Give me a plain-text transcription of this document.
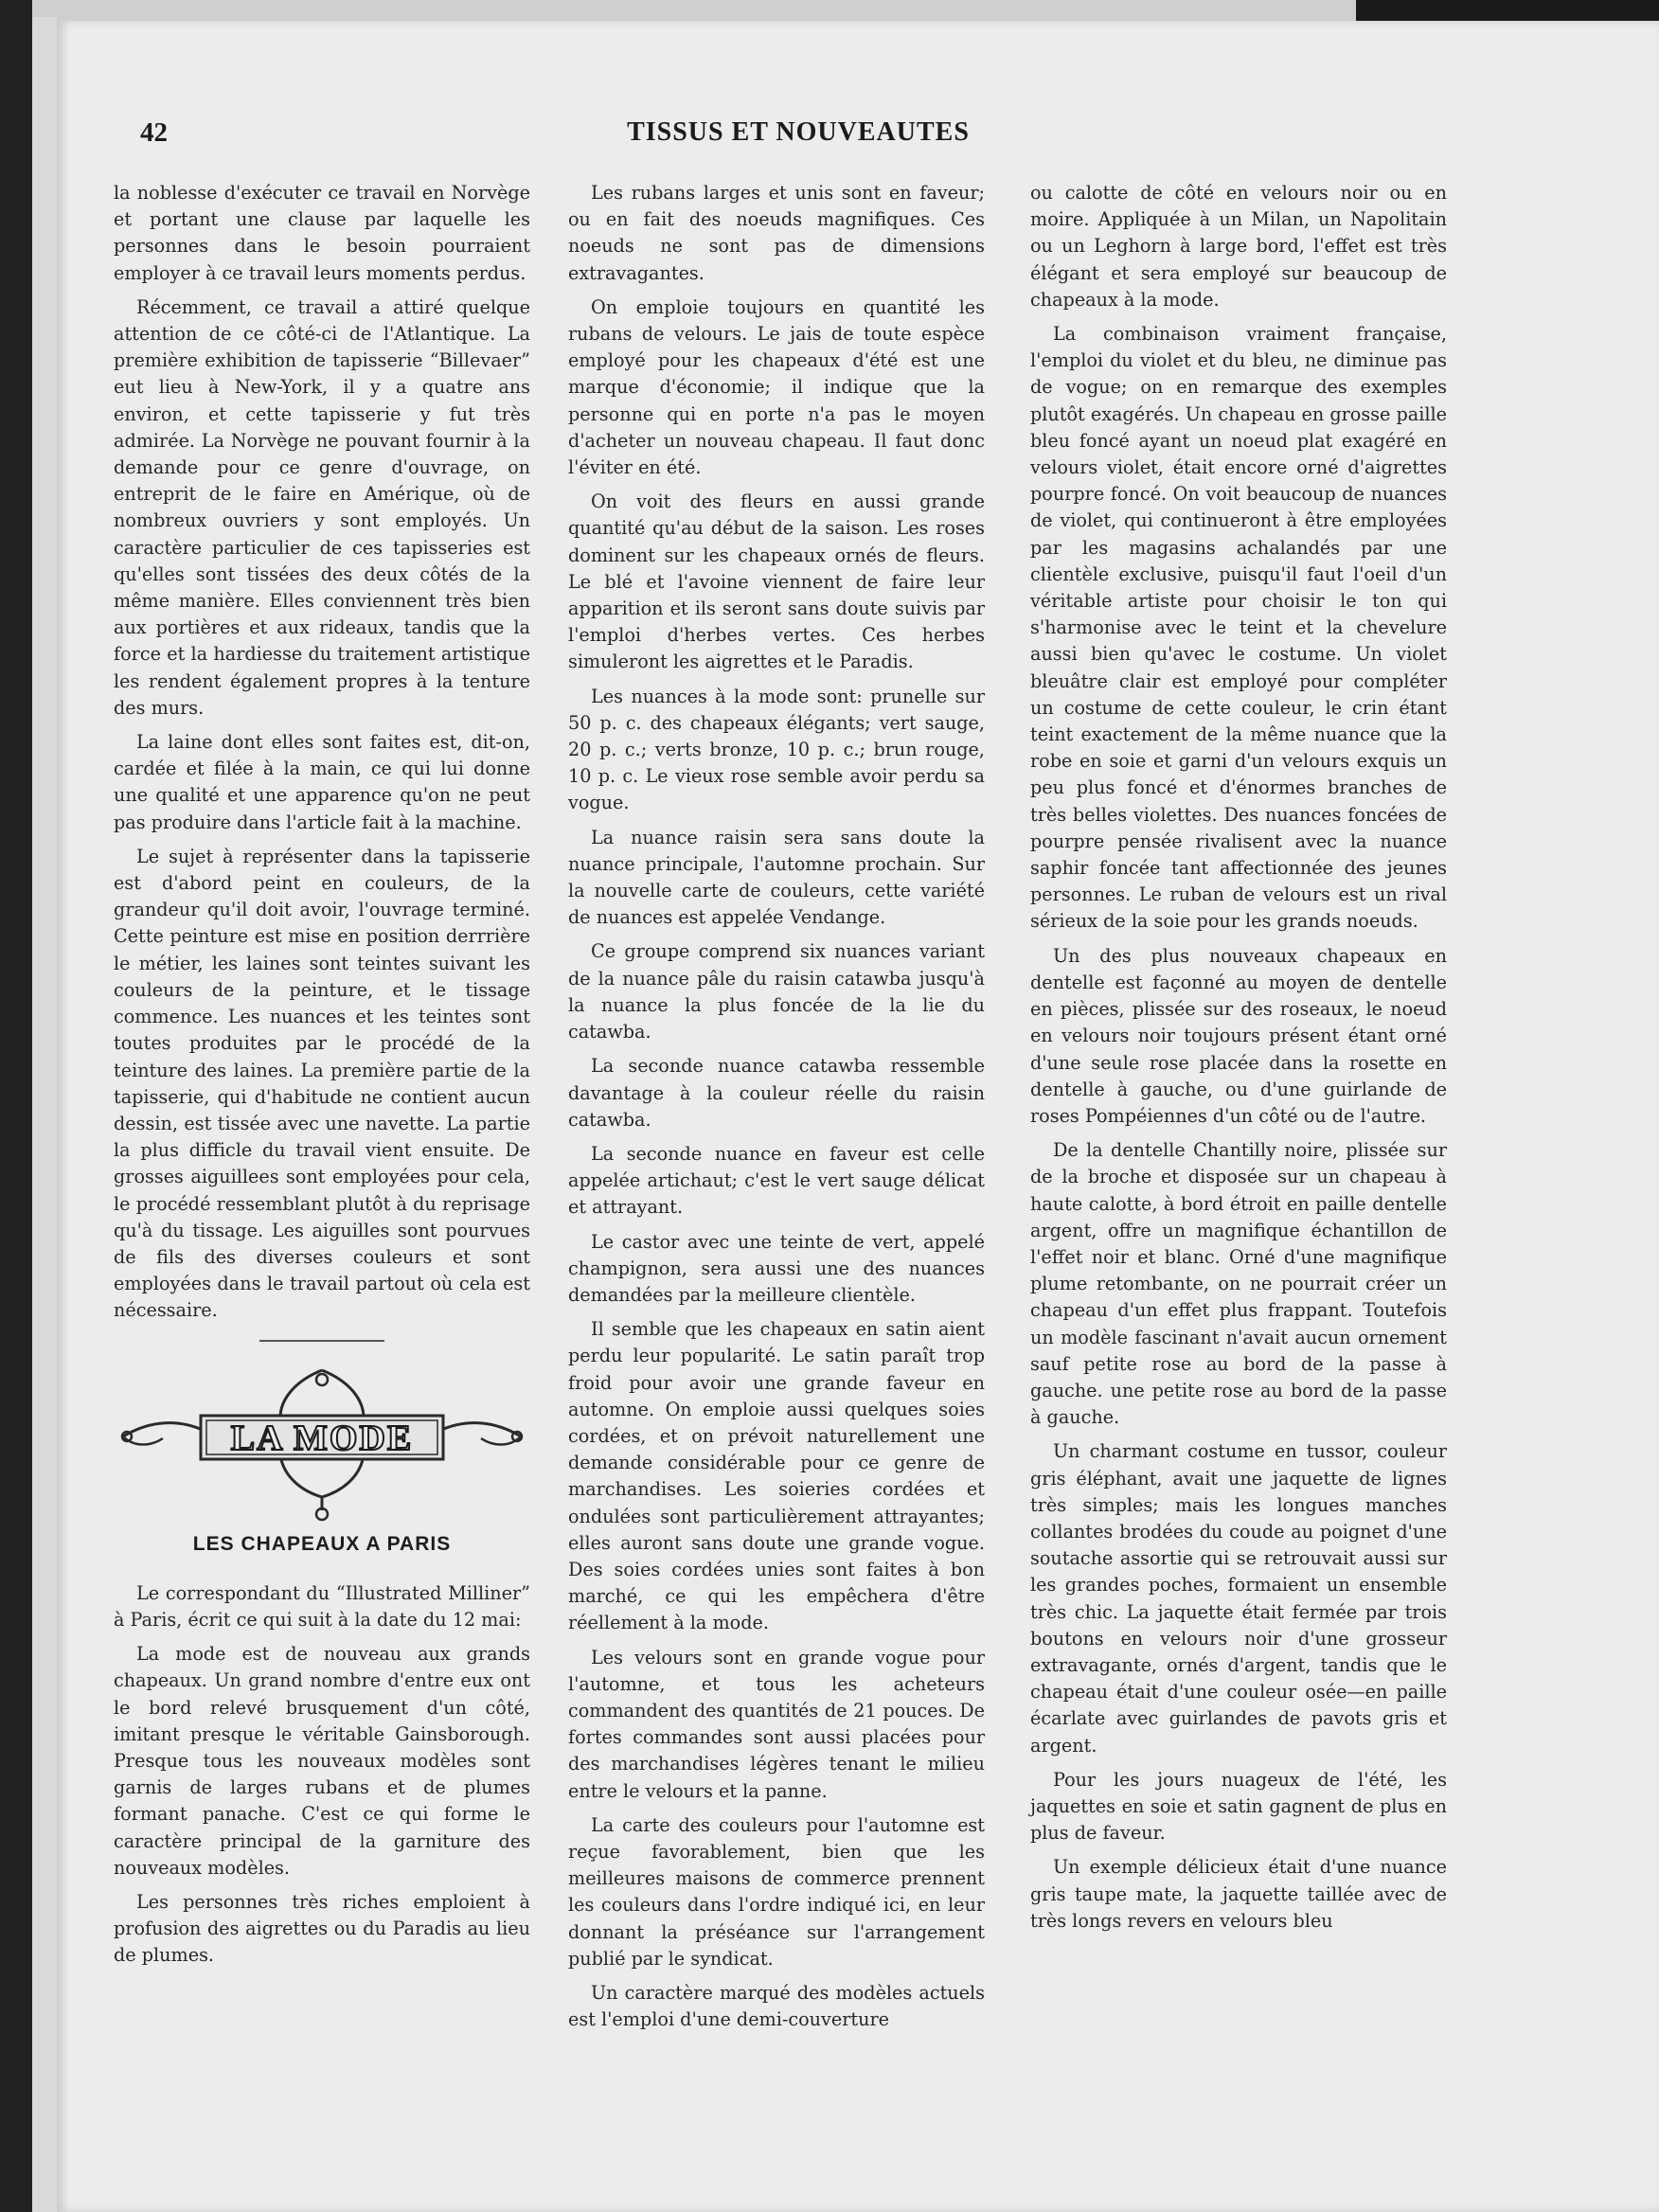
42	TISSUS ET NOUVEAUTES

la noblesse d'exécuter ce travail en Norvège et portant une clause par laquelle les personnes dans le besoin pourraient employer à ce travail leurs moments perdus.

Récemment, ce travail a attiré quelque attention de ce côté-ci de l'Atlantique. La première exhibition de tapisserie “Billevaer” eut lieu à New-York, il y a quatre ans environ, et cette tapisserie y fut très admirée. La Norvège ne pouvant fournir à la demande pour ce genre d'ouvrage, on entreprit de le faire en Amérique, où de nombreux ouvriers y sont employés. Un caractère particulier de ces tapisseries est qu'elles sont tissées des deux côtés de la même manière. Elles conviennent très bien aux portières et aux rideaux, tandis que la force et la hardiesse du traitement artistique les rendent également propres à la tenture des murs.

La laine dont elles sont faites est, dit-on, cardée et filée à la main, ce qui lui donne une qualité et une apparence qu'on ne peut pas produire dans l'article fait à la machine.

Le sujet à représenter dans la tapisserie est d'abord peint en couleurs, de la grandeur qu'il doit avoir, l'ouvrage terminé. Cette peinture est mise en position derrrière le métier, les laines sont teintes suivant les couleurs de la peinture, et le tissage commence. Les nuances et les teintes sont toutes produites par le procédé de la teinture des laines. La première partie de la tapisserie, qui d'habitude ne contient aucun dessin, est tissée avec une navette. La partie la plus difficle du travail vient ensuite. De grosses aiguillees sont employées pour cela, le procédé ressemblant plutôt à du reprisage qu'à du tissage. Les aiguilles sont pourvues de fils des diverses couleurs et sont employées dans le travail partout où cela est nécessaire.

LA MODE
LES CHAPEAUX A PARIS

Le correspondant du “Illustrated Milliner” à Paris, écrit ce qui suit à la date du 12 mai:

La mode est de nouveau aux grands chapeaux. Un grand nombre d'entre eux ont le bord relevé brusquement d'un côté, imitant presque le véritable Gainsborough. Presque tous les nouveaux modèles sont garnis de larges rubans et de plumes formant panache. C'est ce qui forme le caractère principal de la garniture des nouveaux modèles.

Les personnes très riches emploient à profusion des aigrettes ou du Paradis au lieu de plumes.

Les rubans larges et unis sont en faveur; ou en fait des noeuds magnifiques. Ces noeuds ne sont pas de dimensions extravagantes.

On emploie toujours en quantité les rubans de velours. Le jais de toute espèce employé pour les chapeaux d'été est une marque d'économie; il indique que la personne qui en porte n'a pas le moyen d'acheter un nouveau chapeau. Il faut donc l'éviter en été.

On voit des fleurs en aussi grande quantité qu'au début de la saison. Les roses dominent sur les chapeaux ornés de fleurs. Le blé et l'avoine viennent de faire leur apparition et ils seront sans doute suivis par l'emploi d'herbes vertes. Ces herbes simuleront les aigrettes et le Paradis.

Les nuances à la mode sont: prunelle sur 50 p. c. des chapeaux élégants; vert sauge, 20 p. c.; verts bronze, 10 p. c.; brun rouge, 10 p. c. Le vieux rose semble avoir perdu sa vogue.

La nuance raisin sera sans doute la nuance principale, l'automne prochain. Sur la nouvelle carte de couleurs, cette variété de nuances est appelée Vendange.

Ce groupe comprend six nuances variant de la nuance pâle du raisin catawba jusqu'à la nuance la plus foncée de la lie du catawba.

La seconde nuance catawba ressemble davantage à la couleur réelle du raisin catawba.

La seconde nuance en faveur est celle appelée artichaut; c'est le vert sauge délicat et attrayant.

Le castor avec une teinte de vert, appelé champignon, sera aussi une des nuances demandées par la meilleure clientèle.

Il semble que les chapeaux en satin aient perdu leur popularité. Le satin paraît trop froid pour avoir une grande faveur en automne. On emploie aussi quelques soies cordées, et on prévoit naturellement une demande considérable pour ce genre de marchandises. Les soieries cordées et ondulées sont particulièrement attrayantes; elles auront sans doute une grande vogue. Des soies cordées unies sont faites à bon marché, ce qui les empêchera d'être réellement à la mode.

Les velours sont en grande vogue pour l'automne, et tous les acheteurs commandent des quantités de 21 pouces. De fortes commandes sont aussi placées pour des marchandises légères tenant le milieu entre le velours et la panne.

La carte des couleurs pour l'automne est reçue favorablement, bien que les meilleures maisons de commerce prennent les couleurs dans l'ordre indiqué ici, en leur donnant la préséance sur l'arrangement publié par le syndicat.

Un caractère marqué des modèles actuels est l'emploi d'une demi-couverture

ou calotte de côté en velours noir ou en moire. Appliquée à un Milan, un Napolitain ou un Leghorn à large bord, l'effet est très élégant et sera employé sur beaucoup de chapeaux à la mode.

La combinaison vraiment française, l'emploi du violet et du bleu, ne diminue pas de vogue; on en remarque des exemples plutôt exagérés. Un chapeau en grosse paille bleu foncé ayant un noeud plat exagéré en velours violet, était encore orné d'aigrettes pourpre foncé. On voit beaucoup de nuances de violet, qui continueront à être employées par les magasins achalandés par une clientèle exclusive, puisqu'il faut l'oeil d'un véritable artiste pour choisir le ton qui s'harmonise avec le teint et la chevelure aussi bien qu'avec le costume. Un violet bleuâtre clair est employé pour compléter un costume de cette couleur, le crin étant teint exactement de la même nuance que la robe en soie et garni d'un velours exquis un peu plus foncé et d'énormes branches de très belles violettes. Des nuances foncées de pourpre pensée rivalisent avec la nuance saphir foncée tant affectionnée des jeunes personnes. Le ruban de velours est un rival sérieux de la soie pour les grands noeuds.

Un des plus nouveaux chapeaux en dentelle est façonné au moyen de dentelle en pièces, plissée sur des roseaux, le noeud en velours noir toujours présent étant orné d'une seule rose placée dans la rosette en dentelle à gauche, ou d'une guirlande de roses Pompéiennes d'un côté ou de l'autre.

De la dentelle Chantilly noire, plissée sur de la broche et disposée sur un chapeau à haute calotte, à bord étroit en paille dentelle argent, offre un magnifique échantillon de l'effet noir et blanc. Orné d'une magnifique plume retombante, on ne pourrait créer un chapeau d'un effet plus frappant. Toutefois un modèle fascinant n'avait aucun ornement sauf petite rose au bord de la passe à gauche. une petite rose au bord de la passe à gauche.

Un charmant costume en tussor, couleur gris éléphant, avait une jaquette de lignes très simples; mais les longues manches collantes brodées du coude au poignet d'une soutache assortie qui se retrouvait aussi sur les grandes poches, formaient un ensemble très chic. La jaquette était fermée par trois boutons en velours noir d'une grosseur extravagante, ornés d'argent, tandis que le chapeau était d'une couleur osée—en paille écarlate avec guirlandes de pavots gris et argent.

Pour les jours nuageux de l'été, les jaquettes en soie et satin gagnent de plus en plus de faveur.

Un exemple délicieux était d'une nuance gris taupe mate, la jaquette taillée avec de très longs revers en velours bleu
